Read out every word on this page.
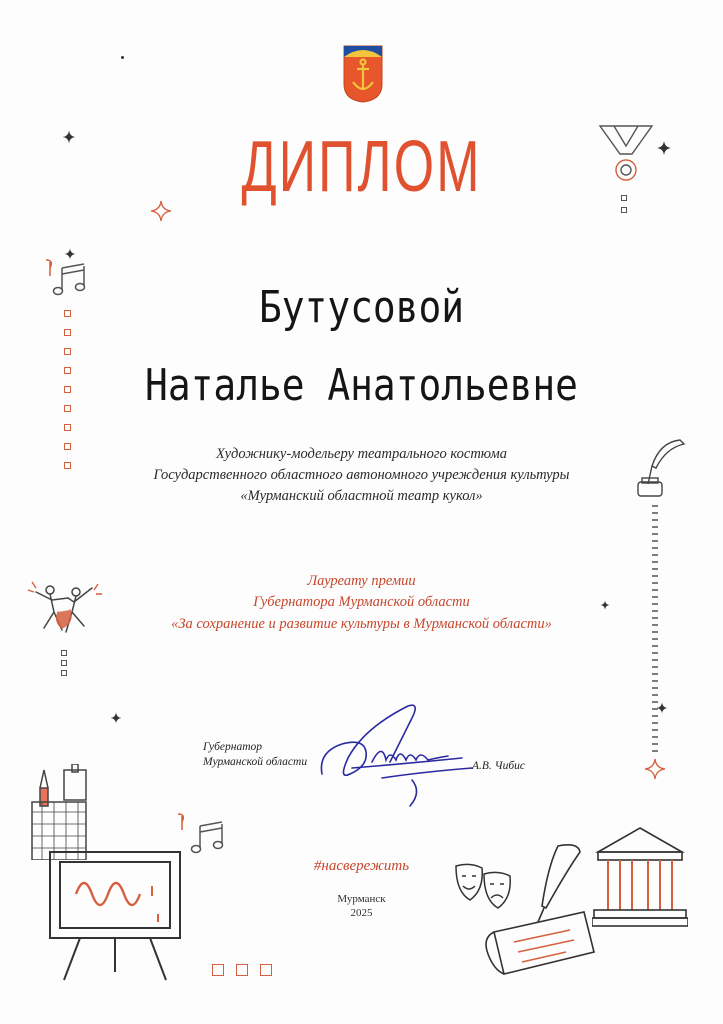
ДИПЛОМ
Бутусовой
Наталье Анатольевне
Художнику-модельеру театрального костюма
Государственного областного автономного учреждения культуры
«Мурманский областной театр кукол»
Лауреату премии
Губернатора Мурманской области
«За сохранение и развитие культуры в Мурманской области»
Губернатор
Мурманской области	А.В. Чибис
#насвережить
Мурманск
2025
